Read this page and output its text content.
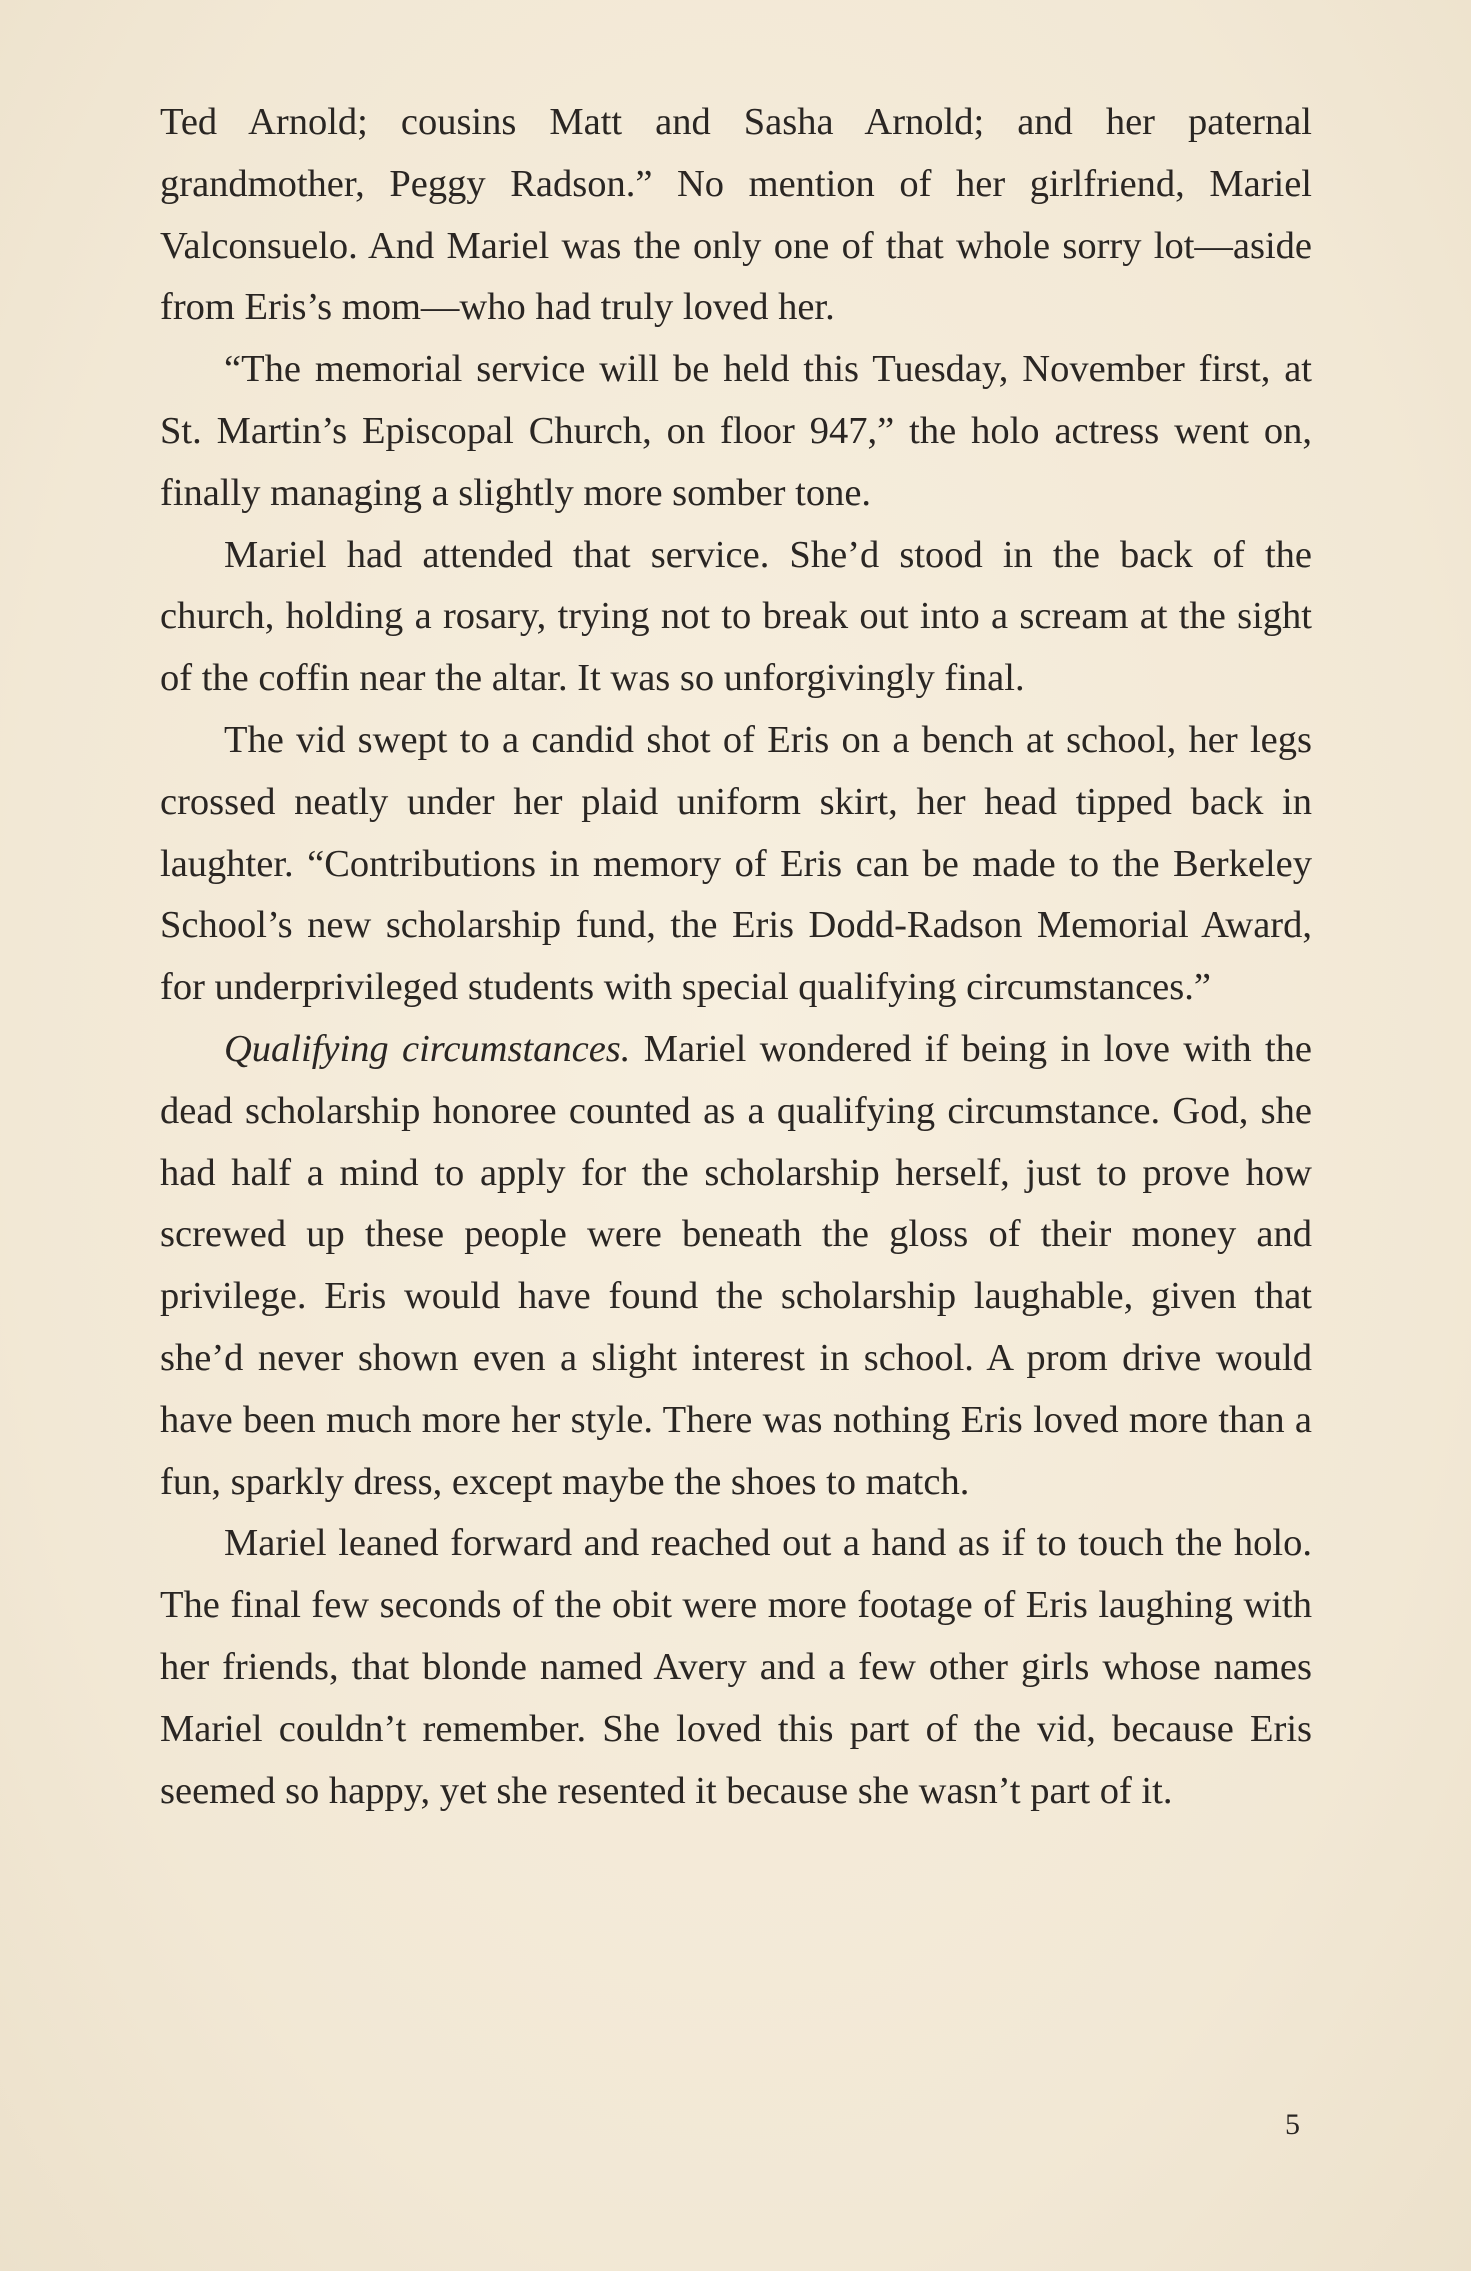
Ted Arnold; cousins Matt and Sasha Arnold; and her paternal grandmother, Peggy Radson.” No mention of her girlfriend, Mariel Valconsuelo. And Mariel was the only one of that whole sorry lot—aside from Eris’s mom—who had truly loved her.

“The memorial service will be held this Tuesday, November first, at St. Martin’s Episcopal Church, on floor 947,” the holo actress went on, finally managing a slightly more somber tone.

Mariel had attended that service. She’d stood in the back of the church, holding a rosary, trying not to break out into a scream at the sight of the coffin near the altar. It was so unforgivingly final.

The vid swept to a candid shot of Eris on a bench at school, her legs crossed neatly under her plaid uniform skirt, her head tipped back in laughter. “Contributions in memory of Eris can be made to the Berkeley School’s new scholarship fund, the Eris Dodd-Radson Memorial Award, for underprivileged students with special qualifying circumstances.”

Qualifying circumstances. Mariel wondered if being in love with the dead scholarship honoree counted as a qualifying circumstance. God, she had half a mind to apply for the scholarship herself, just to prove how screwed up these people were beneath the gloss of their money and privilege. Eris would have found the scholarship laughable, given that she’d never shown even a slight interest in school. A prom drive would have been much more her style. There was nothing Eris loved more than a fun, sparkly dress, except maybe the shoes to match.

Mariel leaned forward and reached out a hand as if to touch the holo. The final few seconds of the obit were more footage of Eris laughing with her friends, that blonde named Avery and a few other girls whose names Mariel couldn’t remember. She loved this part of the vid, because Eris seemed so happy, yet she resented it because she wasn’t part of it.

5
